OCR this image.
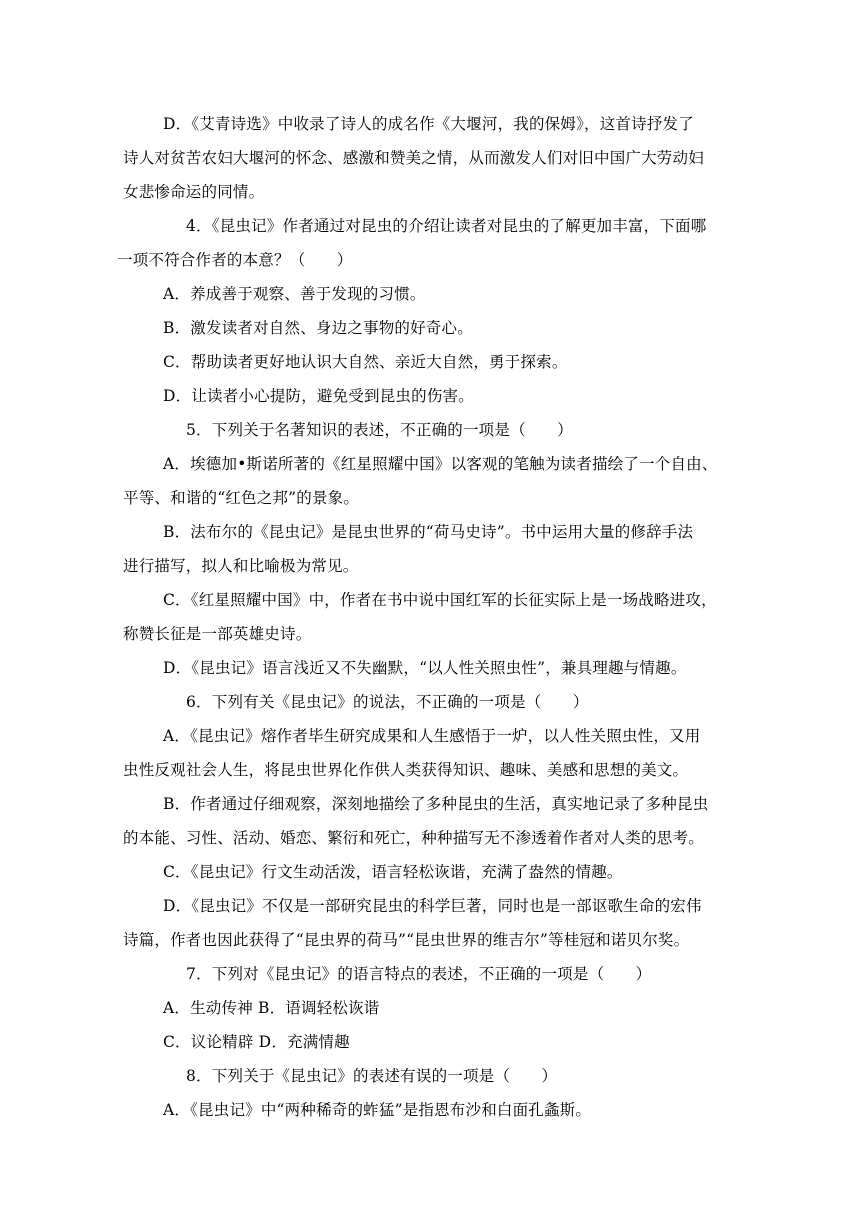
D．《艾青诗选》中收录了诗人的成名作《大堰河，我的保姆》，这首诗抒发了
诗人对贫苦农妇大堰河的怀念、感激和赞美之情，从而激发人们对旧中国广大劳动妇
女悲惨命运的同情。
4．《昆虫记》作者通过对昆虫的介绍让读者对昆虫的了解更加丰富，下面哪
一项不符合作者的本意？（　　）
A．养成善于观察、善于发现的习惯。
B．激发读者对自然、身边之事物的好奇心。
C．帮助读者更好地认识大自然、亲近大自然，勇于探索。
D．让读者小心提防，避免受到昆虫的伤害。
5．下列关于名著知识的表述，不正确的一项是（　　）
A．埃德加•斯诺所著的《红星照耀中国》以客观的笔触为读者描绘了一个自由、
平等、和谐的“红色之邦”的景象。
B．法布尔的《昆虫记》是昆虫世界的“荷马史诗”。书中运用大量的修辞手法
进行描写，拟人和比喻极为常见。
C．《红星照耀中国》中，作者在书中说中国红军的长征实际上是一场战略进攻，
称赞长征是一部英雄史诗。
D．《昆虫记》语言浅近又不失幽默，“以人性关照虫性”，兼具理趣与情趣。
6．下列有关《昆虫记》的说法，不正确的一项是（　　）
A．《昆虫记》熔作者毕生研究成果和人生感悟于一炉，以人性关照虫性，又用
虫性反观社会人生，将昆虫世界化作供人类获得知识、趣味、美感和思想的美文。
B．作者通过仔细观察，深刻地描绘了多种昆虫的生活，真实地记录了多种昆虫
的本能、习性、活动、婚恋、繁衍和死亡，种种描写无不渗透着作者对人类的思考。
C．《昆虫记》行文生动活泼，语言轻松诙谐，充满了盎然的情趣。
D．《昆虫记》不仅是一部研究昆虫的科学巨著，同时也是一部讴歌生命的宏伟
诗篇，作者也因此获得了“昆虫界的荷马”“昆虫世界的维吉尔”等桂冠和诺贝尔奖。
7．下列对《昆虫记》的语言特点的表述，不正确的一项是（　　）
A．生动传神 B．语调轻松诙谐
C．议论精辟 D．充满情趣
8．下列关于《昆虫记》的表述有误的一项是（　　）
A．《昆虫记》中“两种稀奇的蚱猛”是指恩布沙和白面孔螽斯。
